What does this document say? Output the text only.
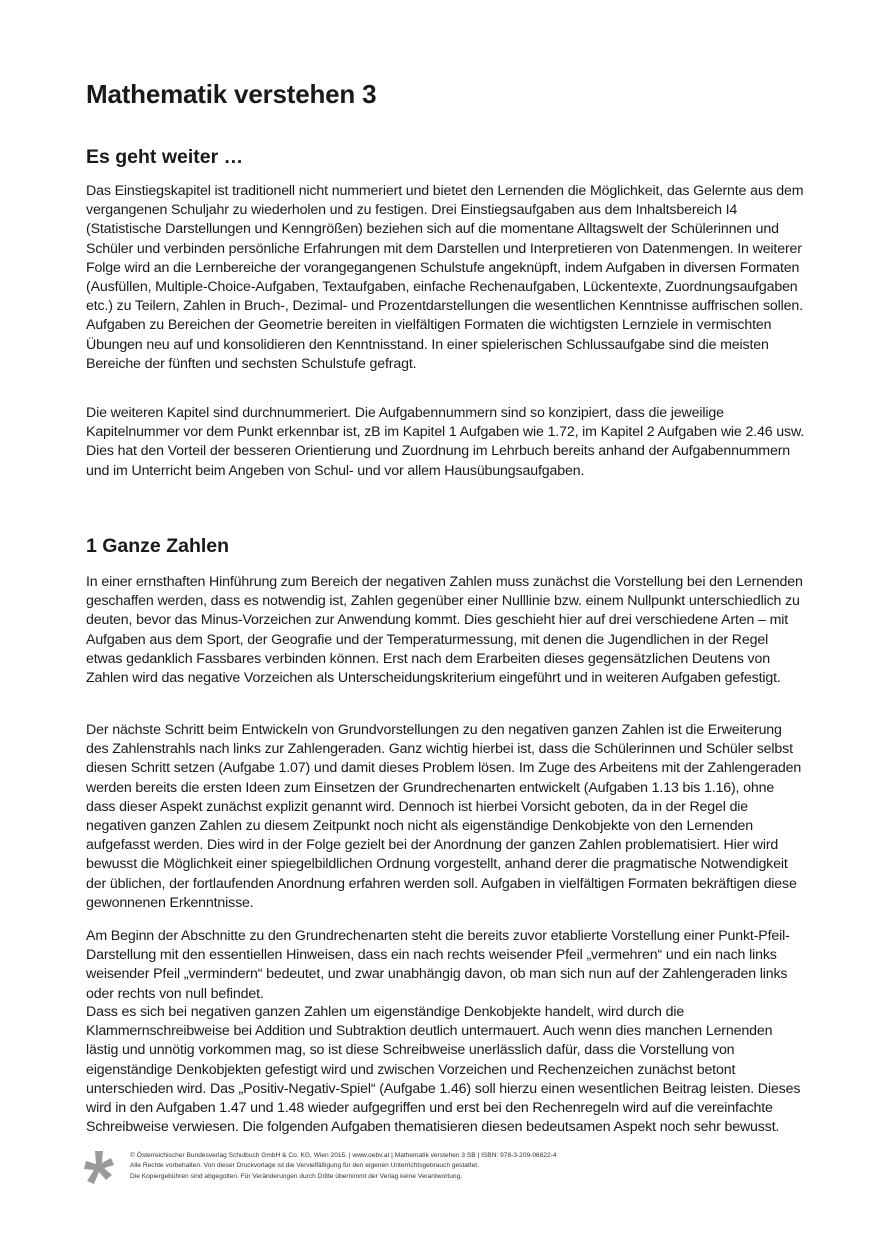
Mathematik verstehen 3
Es geht weiter …

Das Einstiegskapitel ist traditionell nicht nummeriert und bietet den Lernenden die Möglichkeit, das Gelernte aus dem vergangenen Schuljahr zu wiederholen und zu festigen. Drei Einstiegsaufgaben aus dem Inhaltsbereich I4 (Statistische Darstellungen und Kenngrößen) beziehen sich auf die momentane Alltagswelt der Schülerinnen und Schüler und verbinden persönliche Erfahrungen mit dem Darstellen und Interpretieren von Datenmengen. In weiterer Folge wird an die Lernbereiche der vorangegangenen Schulstufe angeknüpft, indem Aufgaben in diversen Formaten (Ausfüllen, Multiple-Choice-Aufgaben, Textaufgaben, einfache Rechenaufgaben, Lückentexte, Zuordnungsaufgaben etc.) zu Teilern, Zahlen in Bruch-, Dezimal- und Prozentdarstellungen die wesentlichen Kenntnisse auffrischen sollen. Aufgaben zu Bereichen der Geometrie bereiten in vielfältigen Formaten die wichtigsten Lernziele in vermischten Übungen neu auf und konsolidieren den Kenntnisstand. In einer spielerischen Schlussaufgabe sind die meisten Bereiche der fünften und sechsten Schulstufe gefragt.

Die weiteren Kapitel sind durchnummeriert. Die Aufgabennummern sind so konzipiert, dass die jeweilige Kapitelnummer vor dem Punkt erkennbar ist, zB im Kapitel 1 Aufgaben wie 1.72, im Kapitel 2 Aufgaben wie 2.46 usw. Dies hat den Vorteil der besseren Orientierung und Zuordnung im Lehrbuch bereits anhand der Aufgabennummern und im Unterricht beim Angeben von Schul- und vor allem Hausübungsaufgaben.

1 Ganze Zahlen

In einer ernsthaften Hinführung zum Bereich der negativen Zahlen muss zunächst die Vorstellung bei den Lernenden geschaffen werden, dass es notwendig ist, Zahlen gegenüber einer Nulllinie bzw. einem Nullpunkt unterschiedlich zu deuten, bevor das Minus-Vorzeichen zur Anwendung kommt. Dies geschieht hier auf drei verschiedene Arten – mit Aufgaben aus dem Sport, der Geografie und der Temperaturmessung, mit denen die Jugendlichen in der Regel etwas gedanklich Fassbares verbinden können. Erst nach dem Erarbeiten dieses gegensätzlichen Deutens von Zahlen wird das negative Vorzeichen als Unterscheidungskriterium eingeführt und in weiteren Aufgaben gefestigt.

Der nächste Schritt beim Entwickeln von Grundvorstellungen zu den negativen ganzen Zahlen ist die Erweiterung des Zahlenstrahls nach links zur Zahlengeraden. Ganz wichtig hierbei ist, dass die Schülerinnen und Schüler selbst diesen Schritt setzen (Aufgabe 1.07) und damit dieses Problem lösen. Im Zuge des Arbeitens mit der Zahlengeraden werden bereits die ersten Ideen zum Einsetzen der Grundrechenarten entwickelt (Aufgaben 1.13 bis 1.16), ohne dass dieser Aspekt zunächst explizit genannt wird. Dennoch ist hierbei Vorsicht geboten, da in der Regel die negativen ganzen Zahlen zu diesem Zeitpunkt noch nicht als eigenständige Denkobjekte von den Lernenden aufgefasst werden. Dies wird in der Folge gezielt bei der Anordnung der ganzen Zahlen problematisiert. Hier wird bewusst die Möglichkeit einer spiegelbildlichen Ordnung vorgestellt, anhand derer die pragmatische Notwendigkeit der üblichen, der fortlaufenden Anordnung erfahren werden soll. Aufgaben in vielfältigen Formaten bekräftigen diese gewonnenen Erkenntnisse.

Am Beginn der Abschnitte zu den Grundrechenarten steht die bereits zuvor etablierte Vorstellung einer Punkt-Pfeil-Darstellung mit den essentiellen Hinweisen, dass ein nach rechts weisender Pfeil „vermehren“ und ein nach links weisender Pfeil „vermindern“ bedeutet, und zwar unabhängig davon, ob man sich nun auf der Zahlengeraden links oder rechts von null befindet.

Dass es sich bei negativen ganzen Zahlen um eigenständige Denkobjekte handelt, wird durch die Klammernschreibweise bei Addition und Subtraktion deutlich untermauert. Auch wenn dies manchen Lernenden lästig und unnötig vorkommen mag, so ist diese Schreibweise unerlässlich dafür, dass die Vorstellung von eigenständige Denkobjekten gefestigt wird und zwischen Vorzeichen und Rechenzeichen zunächst betont unterschieden wird. Das „Positiv-Negativ-Spiel“ (Aufgabe 1.46) soll hierzu einen wesentlichen Beitrag leisten. Dieses wird in den Aufgaben 1.47 und 1.48 wieder aufgegriffen und erst bei den Rechenregeln wird auf die vereinfachte Schreibweise verwiesen. Die folgenden Aufgaben thematisieren diesen bedeutsamen Aspekt noch sehr bewusst.

© Österreichischer Bundesverlag Schulbuch GmbH & Co. KG, Wien 2015. | www.oebv.at | Mathematik verstehen 3 SB | ISBN: 978-3-209-06822-4
Alle Rechte vorbehalten. Von dieser Druckvorlage ist die Vervielfältigung für den eigenen Unterrichtsgebrauch gestattet.
Die Kopiergebühren sind abgegolten. Für Veränderungen durch Dritte übernimmt der Verlag keine Verantwortung.
